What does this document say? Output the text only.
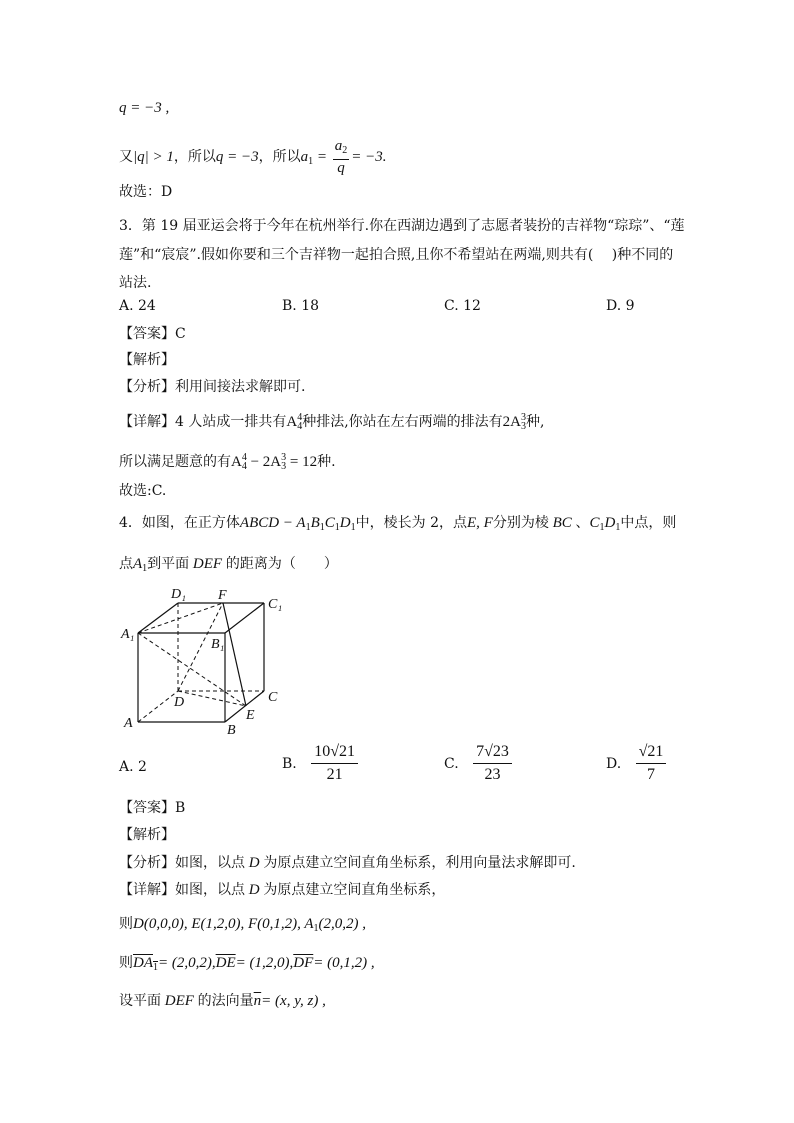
q = −3 ,
又|q| > 1，所以q = −3，所以$a_1 = \frac{a_2}{q} = -3$.
故选：D
3．第 19 届亚运会将于今年在杭州举行.你在西湖边遇到了志愿者装扮的吉祥物“琮琮”、“莲
莲”和“宸宸”.假如你要和三个吉祥物一起拍合照,且你不希望站在两端,则共有(　 )种不同的
站法.
A. 24	B. 18	C. 12	D. 9
【答案】C
【解析】
【分析】利用间接法求解即可.
【详解】4 人站成一排共有$A_4^4$种排法,你站在左右两端的排法有$2A_3^3$种,
所以满足题意的有$A_4^4 - 2A_3^3 = 12$种.
故选:C.
4．如图，在正方体ABCD − $A_1B_1C_1D_1$中，棱长为 2，点E, F分别为棱 BC 、$C_1D_1$中点，则
点$A_1$到平面 DEF 的距离为（　　）
D₁ F
C₁
A₁
B₁
D	C
E
A	B
A. 2	B. $\frac{10√21}{21}$	C. $\frac{7√23}{23}$	D. $\frac{√21}{7}$
【答案】B
【解析】
【分析】如图，以点 D 为原点建立空间直角坐标系，利用向量法求解即可.
【详解】如图，以点 D 为原点建立空间直角坐标系，
则D(0,0,0), E(1,2,0), F(0,1,2), $A_1(2,0,2)$ ,
则$DA_1= (2,0,2),\overline{DE}= (1,2,0),\overline{DF}= (0,1,2)$ ,
设平面 DEF 的法向量$\overline{n}= (x$, y, z) ,
